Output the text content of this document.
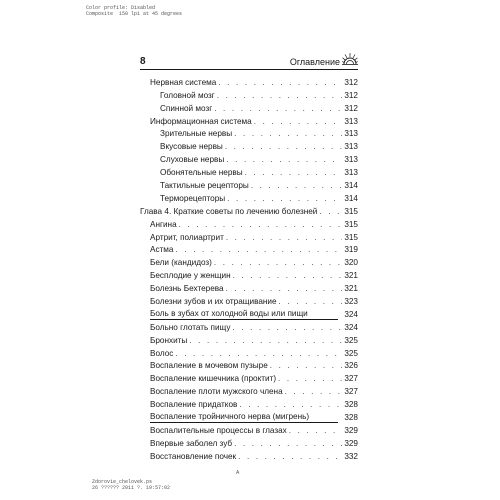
Color profile: Disabled
Composite  150 lpi at 45 degrees
8	Оглавление
Нервная система . . .	312
Головной мозг . . .	312
Спинной мозг . . .	312
Информационная система . . .	313
Зрительные нервы . . .	313
Вкусовые нервы . . .	313
Слуховые нервы . . .	313
Обонятельные нервы . . .	313
Тактильные рецепторы . . .	314
Терморецепторы . . .	314
Глава 4. Краткие советы по лечению болезней . . .	315
Ангина . . .	315
Артрит, полиартрит . . .	315
Астма . . .	319
Бели (кандидоз) . . .	320
Бесплодие у женщин . . .	321
Болезнь Бехтерева . . .	321
Болезни зубов и их отращивание . . .	323
Боль в зубах от холодной воды или пищи	324
Больно глотать пищу . . .	324
Бронхиты . . .	325
Волос . . .	325
Воспаление в мочевом пузыре . . .	326
Воспаление кишечника (проктит) . . .	327
Воспаление плоти мужского члена . . .	327
Воспаление придатков . . .	328
Воспаление тройничного нерва (мигрень)	328
Воспалительные процессы в глазах . . .	329
Впервые заболел зуб . . .	329
Восстановление почек . . .	332
A
Zdorovie_chelovek.ps
26 ?????? 2011 ?. 19:57:02
